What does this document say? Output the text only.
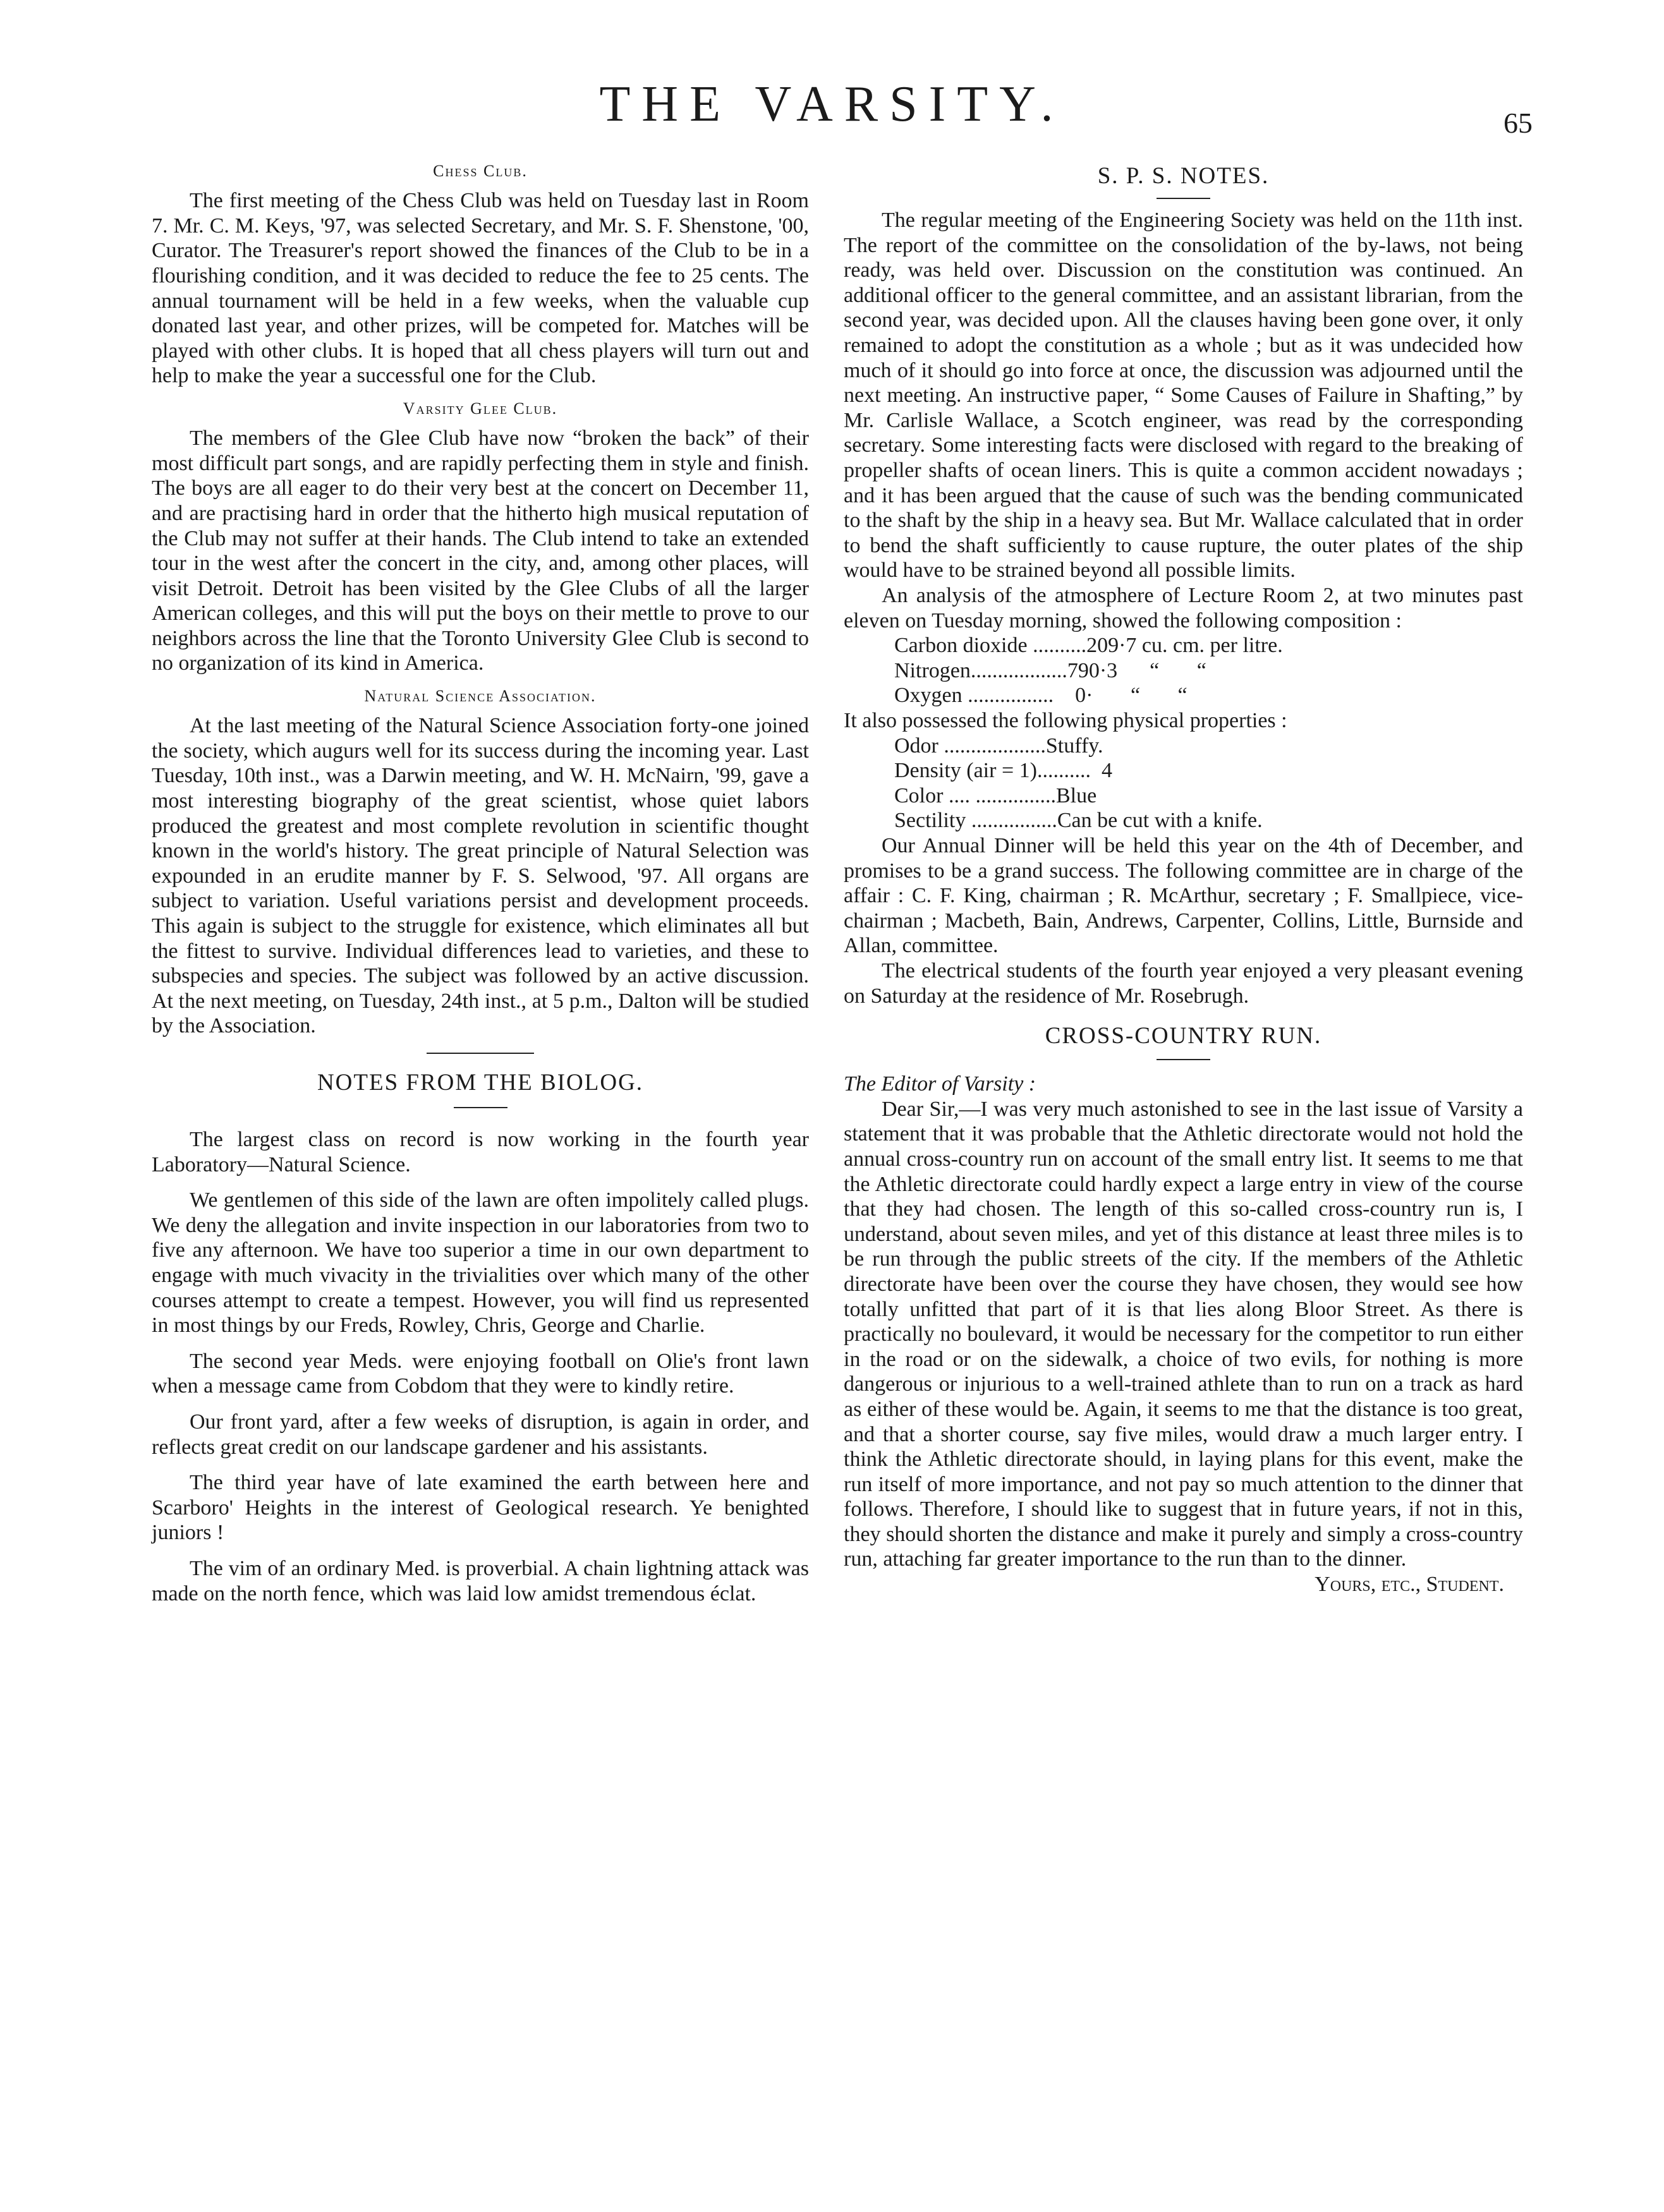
THE VARSITY.	65
Chess Club.

The first meeting of the Chess Club was held on Tuesday last in Room 7. Mr. C. M. Keys, '97, was selected Secretary, and Mr. S. F. Shenstone, '00, Curator. The Treasurer's report showed the finances of the Club to be in a flourishing condition, and it was decided to reduce the fee to 25 cents. The annual tournament will be held in a few weeks, when the valuable cup donated last year, and other prizes, will be competed for. Matches will be played with other clubs. It is hoped that all chess players will turn out and help to make the year a successful one for the Club.

Varsity Glee Club.

The members of the Glee Club have now “broken the back” of their most difficult part songs, and are rapidly perfecting them in style and finish. The boys are all eager to do their very best at the concert on December 11, and are practising hard in order that the hitherto high musical reputation of the Club may not suffer at their hands. The Club intend to take an extended tour in the west after the concert in the city, and, among other places, will visit Detroit. Detroit has been visited by the Glee Clubs of all the larger American colleges, and this will put the boys on their mettle to prove to our neighbors across the line that the Toronto University Glee Club is second to no organization of its kind in America.

Natural Science Association.

At the last meeting of the Natural Science Association forty-one joined the society, which augurs well for its success during the incoming year. Last Tuesday, 10th inst., was a Darwin meeting, and W. H. McNairn, '99, gave a most interesting biography of the great scientist, whose quiet labors produced the greatest and most complete revolution in scientific thought known in the world's history. The great principle of Natural Selection was expounded in an erudite manner by F. S. Selwood, '97. All organs are subject to variation. Useful variations persist and development proceeds. This again is subject to the struggle for existence, which eliminates all but the fittest to survive. Individual differences lead to varieties, and these to subspecies and species. The subject was followed by an active discussion. At the next meeting, on Tuesday, 24th inst., at 5 p.m., Dalton will be studied by the Association.

NOTES FROM THE BIOLOG.

The largest class on record is now working in the fourth year Laboratory—Natural Science.

We gentlemen of this side of the lawn are often impolitely called plugs. We deny the allegation and invite inspection in our laboratories from two to five any afternoon. We have too superior a time in our own department to engage with much vivacity in the trivialities over which many of the other courses attempt to create a tempest. However, you will find us represented in most things by our Freds, Rowley, Chris, George and Charlie.

The second year Meds. were enjoying football on Olie's front lawn when a message came from Cobdom that they were to kindly retire.

Our front yard, after a few weeks of disruption, is again in order, and reflects great credit on our landscape gardener and his assistants.

The third year have of late examined the earth between here and Scarboro' Heights in the interest of Geological research. Ye benighted juniors !

The vim of an ordinary Med. is proverbial. A chain lightning attack was made on the north fence, which was laid low amidst tremendous éclat.

S. P. S. NOTES.

The regular meeting of the Engineering Society was held on the 11th inst. The report of the committee on the consolidation of the by-laws, not being ready, was held over. Discussion on the constitution was continued. An additional officer to the general committee, and an assistant librarian, from the second year, was decided upon. All the clauses having been gone over, it only remained to adopt the constitution as a whole ; but as it was undecided how much of it should go into force at once, the discussion was adjourned until the next meeting. An instructive paper, “ Some Causes of Failure in Shafting,” by Mr. Carlisle Wallace, a Scotch engineer, was read by the corresponding secretary. Some interesting facts were disclosed with regard to the breaking of propeller shafts of ocean liners. This is quite a common accident nowadays ; and it has been argued that the cause of such was the bending communicated to the shaft by the ship in a heavy sea. But Mr. Wallace calculated that in order to bend the shaft sufficiently to cause rupture, the outer plates of the ship would have to be strained beyond all possible limits.

An analysis of the atmosphere of Lecture Room 2, at two minutes past eleven on Tuesday morning, showed the following composition :

Carbon dioxide ..........209·7 cu. cm. per litre.
Nitrogen..................790·3      “       “
Oxygen ................    0·       “       “

It also possessed the following physical properties :

Odor ...................Stuffy.
Density (air = 1)..........  4
Color .... ...............Blue
Sectility ................Can be cut with a knife.

Our Annual Dinner will be held this year on the 4th of December, and promises to be a grand success. The following committee are in charge of the affair : C. F. King, chairman ; R. McArthur, secretary ; F. Smallpiece, vice-chairman ; Macbeth, Bain, Andrews, Carpenter, Collins, Little, Burnside and Allan, committee.

The electrical students of the fourth year enjoyed a very pleasant evening on Saturday at the residence of Mr. Rosebrugh.

CROSS-COUNTRY RUN.
The Editor of Varsity :

Dear Sir,—I was very much astonished to see in the last issue of Varsity a statement that it was probable that the Athletic directorate would not hold the annual cross-country run on account of the small entry list. It seems to me that the Athletic directorate could hardly expect a large entry in view of the course that they had chosen. The length of this so-called cross-country run is, I understand, about seven miles, and yet of this distance at least three miles is to be run through the public streets of the city. If the members of the Athletic directorate have been over the course they have chosen, they would see how totally unfitted that part of it is that lies along Bloor Street. As there is practically no boulevard, it would be necessary for the competitor to run either in the road or on the sidewalk, a choice of two evils, for nothing is more dangerous or injurious to a well-trained athlete than to run on a track as hard as either of these would be. Again, it seems to me that the distance is too great, and that a shorter course, say five miles, would draw a much larger entry. I think the Athletic directorate should, in laying plans for this event, make the run itself of more importance, and not pay so much attention to the dinner that follows. Therefore, I should like to suggest that in future years, if not in this, they should shorten the distance and make it purely and simply a cross-country run, attaching far greater importance to the run than to the dinner.

Yours, etc., Student.
